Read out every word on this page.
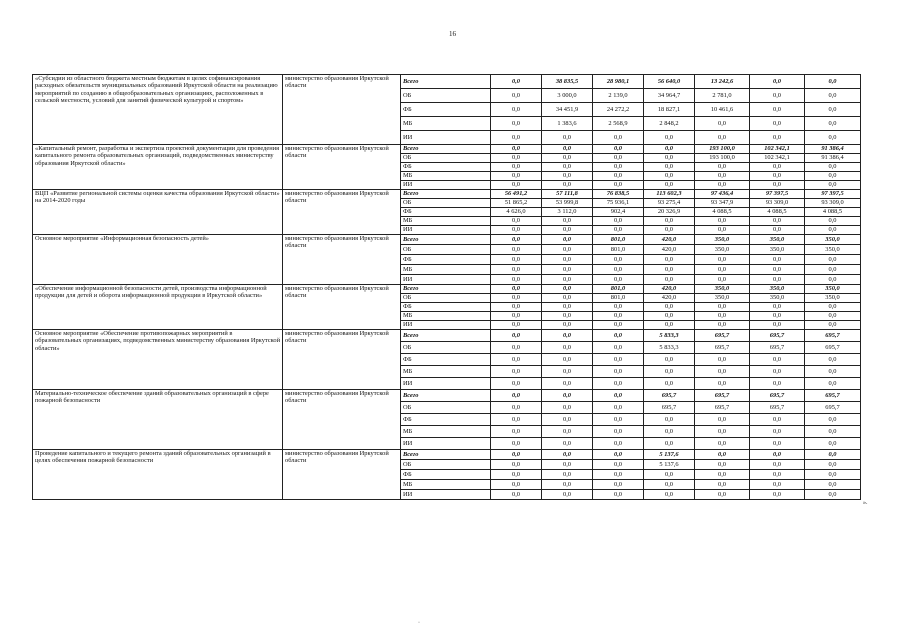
16
«Субсидии из областного бюджета местным бюджетам в целях софинансирования расходных обязательств муниципальных образований Иркутской области на реализацию мероприятий по созданию в общеобразовательных организациях, расположенных в сельской местности, условий для занятий физической культурой и спортом»	министерство образования Иркутской области	Всего	0,0	38 835,5	28 980,1	56 640,0	13 242,6	0,0	0,0
		ОБ	0,0	3 000,0	2 139,0	34 964,7	2 781,0	0,0	0,0
		ФБ	0,0	34 451,9	24 272,2	18 827,1	10 461,6	0,0	0,0
		МБ	0,0	1 383,6	2 568,9	2 848,2	0,0	0,0	0,0
		ИИ	0,0	0,0	0,0	0,0	0,0	0,0	0,0
«Капитальный ремонт, разработка и экспертиза проектной документации для проведения капитального ремонта образовательных организаций, подведомственных министерству образования Иркутской области»	министерство образования Иркутской области	Всего	0,0	0,0	0,0	0,0	193 100,0	102 342,1	91 386,4
		ОБ	0,0	0,0	0,0	0,0	193 100,0	102 342,1	91 386,4
		ФБ	0,0	0,0	0,0	0,0	0,0	0,0	0,0
		МБ	0,0	0,0	0,0	0,0	0,0	0,0	0,0
		ИИ	0,0	0,0	0,0	0,0	0,0	0,0	0,0
ВЦП «Развитие региональной системы оценки качества образования Иркутской области» на 2014-2020 годы	министерство образования Иркутской области	Всего	56 491,2	57 111,8	76 838,5	113 602,3	97 436,4	97 397,5	97 397,5
		ОБ	51 865,2	53 999,8	75 936,1	93 275,4	93 347,9	93 309,0	93 309,0
		ФБ	4 626,0	3 112,0	902,4	20 326,9	4 088,5	4 088,5	4 088,5
		МБ	0,0	0,0	0,0	0,0	0,0	0,0	0,0
		ИИ	0,0	0,0	0,0	0,0	0,0	0,0	0,0
Основное мероприятие «Информационная безопасность детей»	министерство образования Иркутской области	Всего	0,0	0,0	801,0	420,0	350,0	350,0	350,0
		ОБ	0,0	0,0	801,0	420,0	350,0	350,0	350,0
		ФБ	0,0	0,0	0,0	0,0	0,0	0,0	0,0
		МБ	0,0	0,0	0,0	0,0	0,0	0,0	0,0
		ИИ	0,0	0,0	0,0	0,0	0,0	0,0	0,0
«Обеспечение информационной безопасности детей, производства информационной продукции для детей и оборота информационной продукции в Иркутской области»	министерство образования Иркутской области	Всего	0,0	0,0	801,0	420,0	350,0	350,0	350,0
		ОБ	0,0	0,0	801,0	420,0	350,0	350,0	350,0
		ФБ	0,0	0,0	0,0	0,0	0,0	0,0	0,0
		МБ	0,0	0,0	0,0	0,0	0,0	0,0	0,0
		ИИ	0,0	0,0	0,0	0,0	0,0	0,0	0,0
Основное мероприятие «Обеспечение противопожарных мероприятий в образовательных организациях, подведомственных министерству образования Иркутской области»	министерство образования Иркутской области	Всего	0,0	0,0	0,0	5 833,3	695,7	695,7	695,7
		ОБ	0,0	0,0	0,0	5 833,3	695,7	695,7	695,7
		ФБ	0,0	0,0	0,0	0,0	0,0	0,0	0,0
		МБ	0,0	0,0	0,0	0,0	0,0	0,0	0,0
		ИИ	0,0	0,0	0,0	0,0	0,0	0,0	0,0
Материально-техническое обеспечение зданий образовательных организаций в сфере пожарной безопасности	министерство образования Иркутской области	Всего	0,0	0,0	0,0	695,7	695,7	695,7	695,7
		ОБ	0,0	0,0	0,0	695,7	695,7	695,7	695,7
		ФБ	0,0	0,0	0,0	0,0	0,0	0,0	0,0
		МБ	0,0	0,0	0,0	0,0	0,0	0,0	0,0
		ИИ	0,0	0,0	0,0	0,0	0,0	0,0	0,0
Проведение капитального и текущего ремонта зданий образовательных организаций в целях обеспечения пожарной безопасности	министерство образования Иркутской области	Всего	0,0	0,0	0,0	5 137,6	0,0	0,0	0,0
		ОБ	0,0	0,0	0,0	5 137,6	0,0	0,0	0,0
		ФБ	0,0	0,0	0,0	0,0	0,0	0,0	0,0
		МБ	0,0	0,0	0,0	0,0	0,0	0,0	0,0
		ИИ	0,0	0,0	0,0	0,0	0,0	0,0	0,0
».
·
